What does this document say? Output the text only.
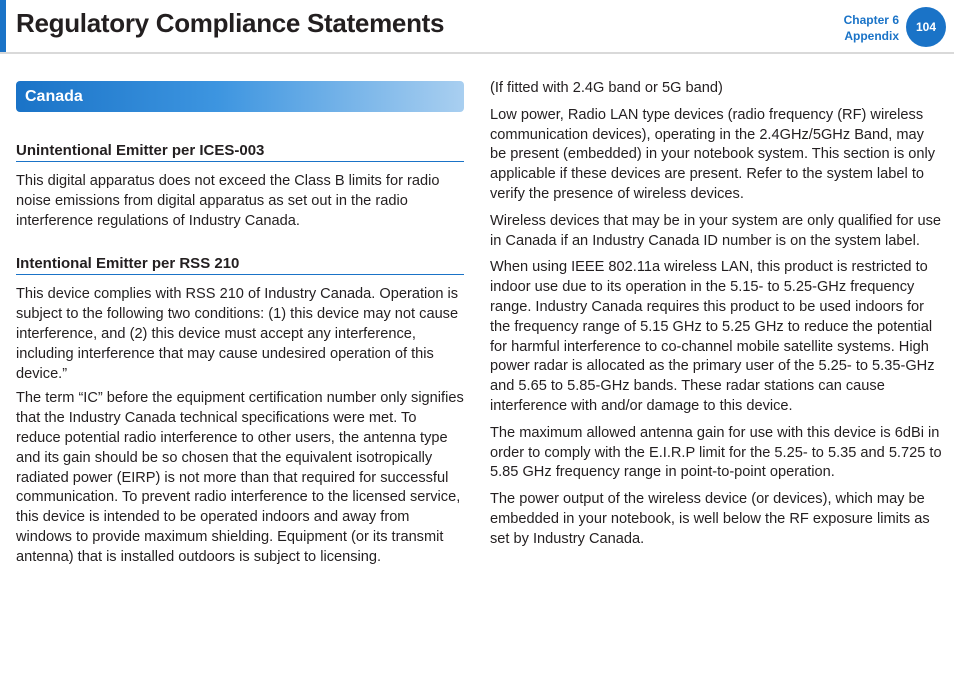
Regulatory Compliance Statements	Chapter 6
Appendix
104
Canada
Unintentional Emitter per ICES-003

This digital apparatus does not exceed the Class B limits for radio noise emissions from digital apparatus as set out in the radio interference regulations of Industry Canada.

Intentional Emitter per RSS 210

This device complies with RSS 210 of Industry Canada. Operation is subject to the following two conditions: (1) this device may not cause interference, and (2) this device must accept any interference, including interference that may cause undesired operation of this device.”

The term “IC” before the equipment certification number only signifies that the Industry Canada technical specifications were met. To reduce potential radio interference to other users, the antenna type and its gain should be so chosen that the equivalent isotropically radiated power (EIRP) is not more than that required for successful communication. To prevent radio interference to the licensed service, this device is intended to be operated indoors and away from windows to provide maximum shielding. Equipment (or its transmit antenna) that is installed outdoors is subject to licensing.

(If fitted with 2.4G band or 5G band)

Low power, Radio LAN type devices (radio frequency (RF) wireless communication devices), operating in the 2.4GHz/5GHz Band, may be present (embedded) in your notebook system. This section is only applicable if these devices are present. Refer to the system label to verify the presence of wireless devices.

Wireless devices that may be in your system are only qualified for use in Canada if an Industry Canada ID number is on the system label.

When using IEEE 802.11a wireless LAN, this product is restricted to indoor use due to its operation in the 5.15- to 5.25-GHz frequency range. Industry Canada requires this product to be used indoors for the frequency range of 5.15 GHz to 5.25 GHz to reduce the potential for harmful interference to co-channel mobile satellite systems. High power radar is allocated as the primary user of the 5.25- to 5.35-GHz and 5.65 to 5.85-GHz bands. These radar stations can cause interference with and/or damage to this device.

The maximum allowed antenna gain for use with this device is 6dBi in order to comply with the E.I.R.P limit for the 5.25- to 5.35 and 5.725 to 5.85 GHz frequency range in point-to-point operation.

The power output of the wireless device (or devices), which may be embedded in your notebook, is well below the RF exposure limits as set by Industry Canada.
